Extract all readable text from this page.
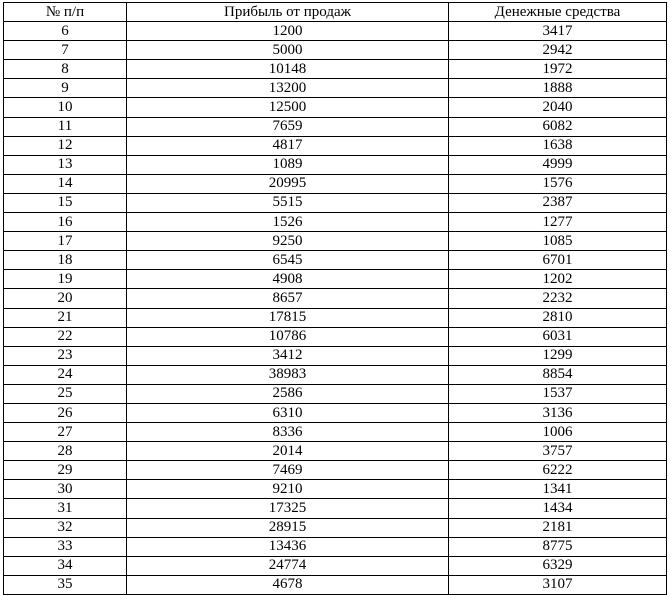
№ п/п	Прибыль от продаж	Денежные средства
6	1200	3417
7	5000	2942
8	10148	1972
9	13200	1888
10	12500	2040
11	7659	6082
12	4817	1638
13	1089	4999
14	20995	1576
15	5515	2387
16	1526	1277
17	9250	1085
18	6545	6701
19	4908	1202
20	8657	2232
21	17815	2810
22	10786	6031
23	3412	1299
24	38983	8854
25	2586	1537
26	6310	3136
27	8336	1006
28	2014	3757
29	7469	6222
30	9210	1341
31	17325	1434
32	28915	2181
33	13436	8775
34	24774	6329
35	4678	3107
